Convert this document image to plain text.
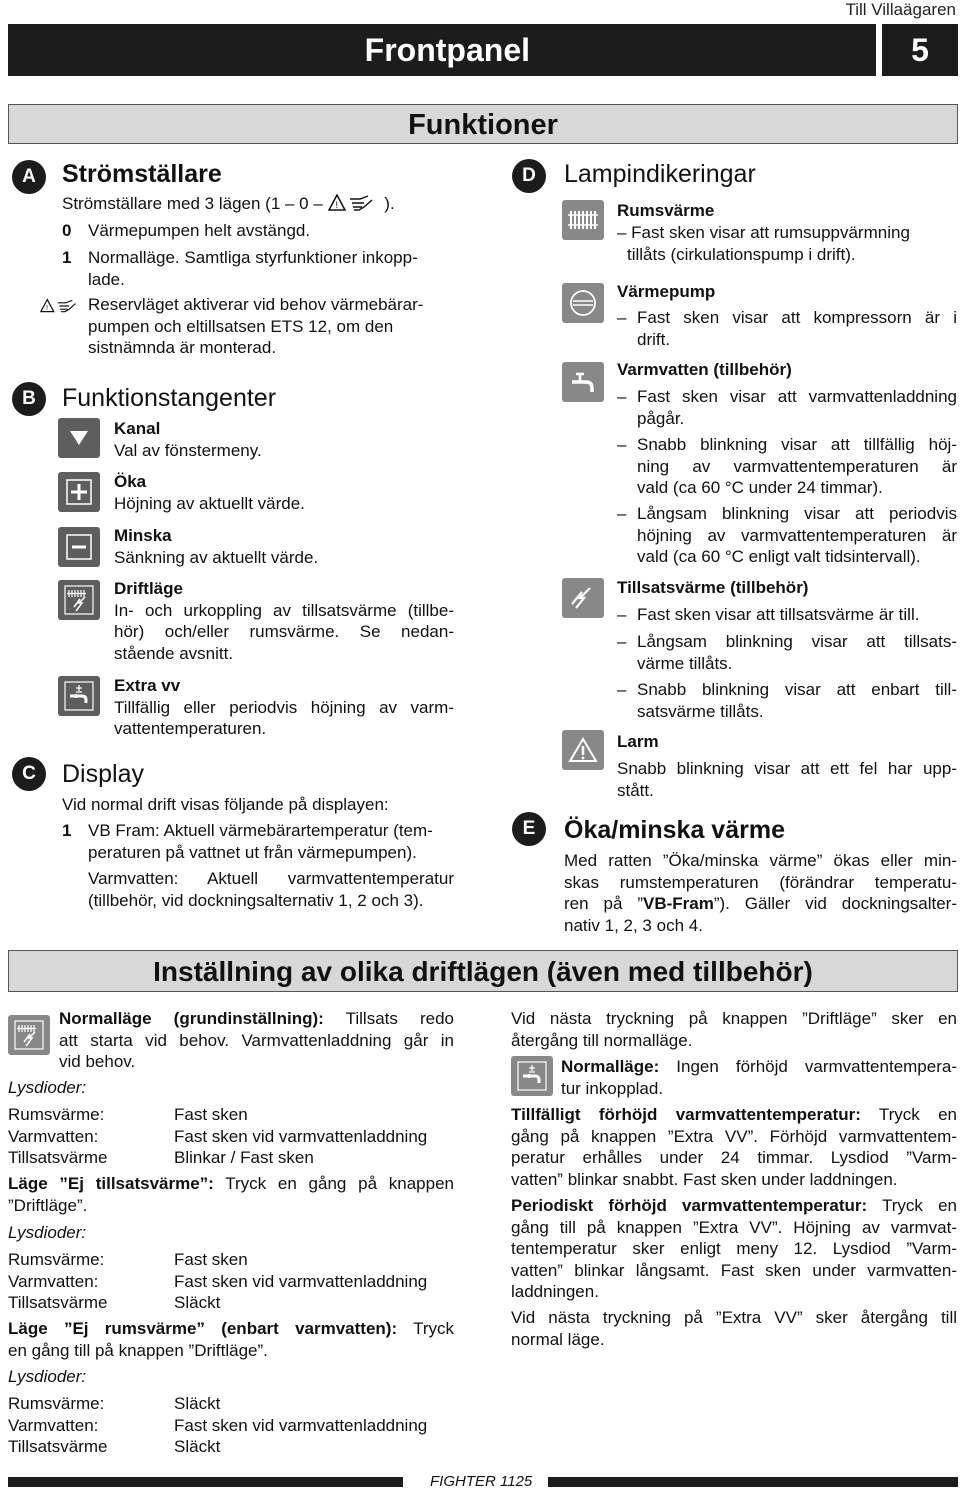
Till Villaägaren
Frontpanel	5
Funktioner
A	Strömställare
Strömställare med 3 lägen (1 – 0 – !	).
0 Värmepumpen helt avstängd.
1 Normalläge. Samtliga styrfunktioner inkopp-
lade.
! Reservläget aktiverar vid behov värmebärar-
pumpen och eltillsatsen ETS 12, om den
sistnämnda är monterad.
B	Funktionstangenter
Kanal
Val av fönstermeny.
Öka
Höjning av aktuellt värde.
Minska
Sänkning av aktuellt värde.
Driftläge
In- och urkoppling av tillsatsvärme (tillbe-
hör) och/eller rumsvärme. Se nedan-
stående avsnitt.
Extra vv
Tillfällig eller periodvis höjning av varm-
vattentemperaturen.
C	Display
Vid normal drift visas följande på displayen:
1 VB Fram: Aktuell värmebärartemperatur (tem-
peraturen på vattnet ut från värmepumpen).
Varmvatten: Aktuell varmvattentemperatur
(tillbehör, vid dockningsalternativ 1, 2 och 3).
D	Lampindikeringar
Rumsvärme
– Fast sken visar att rumsuppvärmning
tillåts (cirkulationspump i drift).
Värmepump
– Fast sken visar att kompressorn är i
drift.
Varmvatten (tillbehör)
– Fast sken visar att varmvattenladdning
pågår.
– Snabb blinkning visar att tillfällig höj-
ning av varmvattentemperaturen är
vald (ca 60 °C under 24 timmar).
– Långsam blinkning visar att periodvis
höjning av varmvattentemperaturen är
vald (ca 60 °C enligt valt tidsintervall).
Tillsatsvärme (tillbehör)
– Fast sken visar att tillsatsvärme är till.
– Långsam blinkning visar att tillsats-
värme tillåts.
– Snabb blinkning visar att enbart till-
satsvärme tillåts.
Larm
Snabb blinkning visar att ett fel har upp-
stått.
E	Öka/minska värme
Med ratten ”Öka/minska värme” ökas eller min-
skas rumstemperaturen (förändrar temperatu-
ren på ”VB-Fram”). Gäller vid dockningsalter-
nativ 1, 2, 3 och 4.
Inställning av olika driftlägen (även med tillbehör)
Normalläge (grundinställning): Tillsats redo
att starta vid behov. Varmvattenladdning går in
vid behov.
Lysdioder:
Rumsvärme:	Fast sken
Varmvatten:	Fast sken vid varmvattenladdning
Tillsatsvärme	Blinkar / Fast sken
Läge ”Ej tillsatsvärme”: Tryck en gång på knappen
”Driftläge”.
Lysdioder:
Rumsvärme:	Fast sken
Varmvatten:	Fast sken vid varmvattenladdning
Tillsatsvärme	Släckt
Läge ”Ej rumsvärme” (enbart varmvatten): Tryck
en gång till på knappen ”Driftläge”.
Lysdioder:
Rumsvärme:	Släckt
Varmvatten:	Fast sken vid varmvattenladdning
Tillsatsvärme	Släckt
Vid nästa tryckning på knappen ”Driftläge” sker en
återgång till normalläge.
Normalläge: Ingen förhöjd varmvattentempera-
tur inkopplad.
Tillfälligt förhöjd varmvattentemperatur: Tryck en
gång på knappen ”Extra VV”. Förhöjd varmvattentem-
peratur erhålles under 24 timmar. Lysdiod ”Varm-
vatten” blinkar snabbt. Fast sken under laddningen.
Periodiskt förhöjd varmvattentemperatur: Tryck en
gång till på knappen ”Extra VV”. Höjning av varmvat-
tentemperatur sker enligt meny 12. Lysdiod ”Varm-
vatten” blinkar långsamt. Fast sken under varmvatten-
laddningen.
Vid nästa tryckning på ”Extra VV” sker återgång till
normal läge.
FIGHTER 1125
